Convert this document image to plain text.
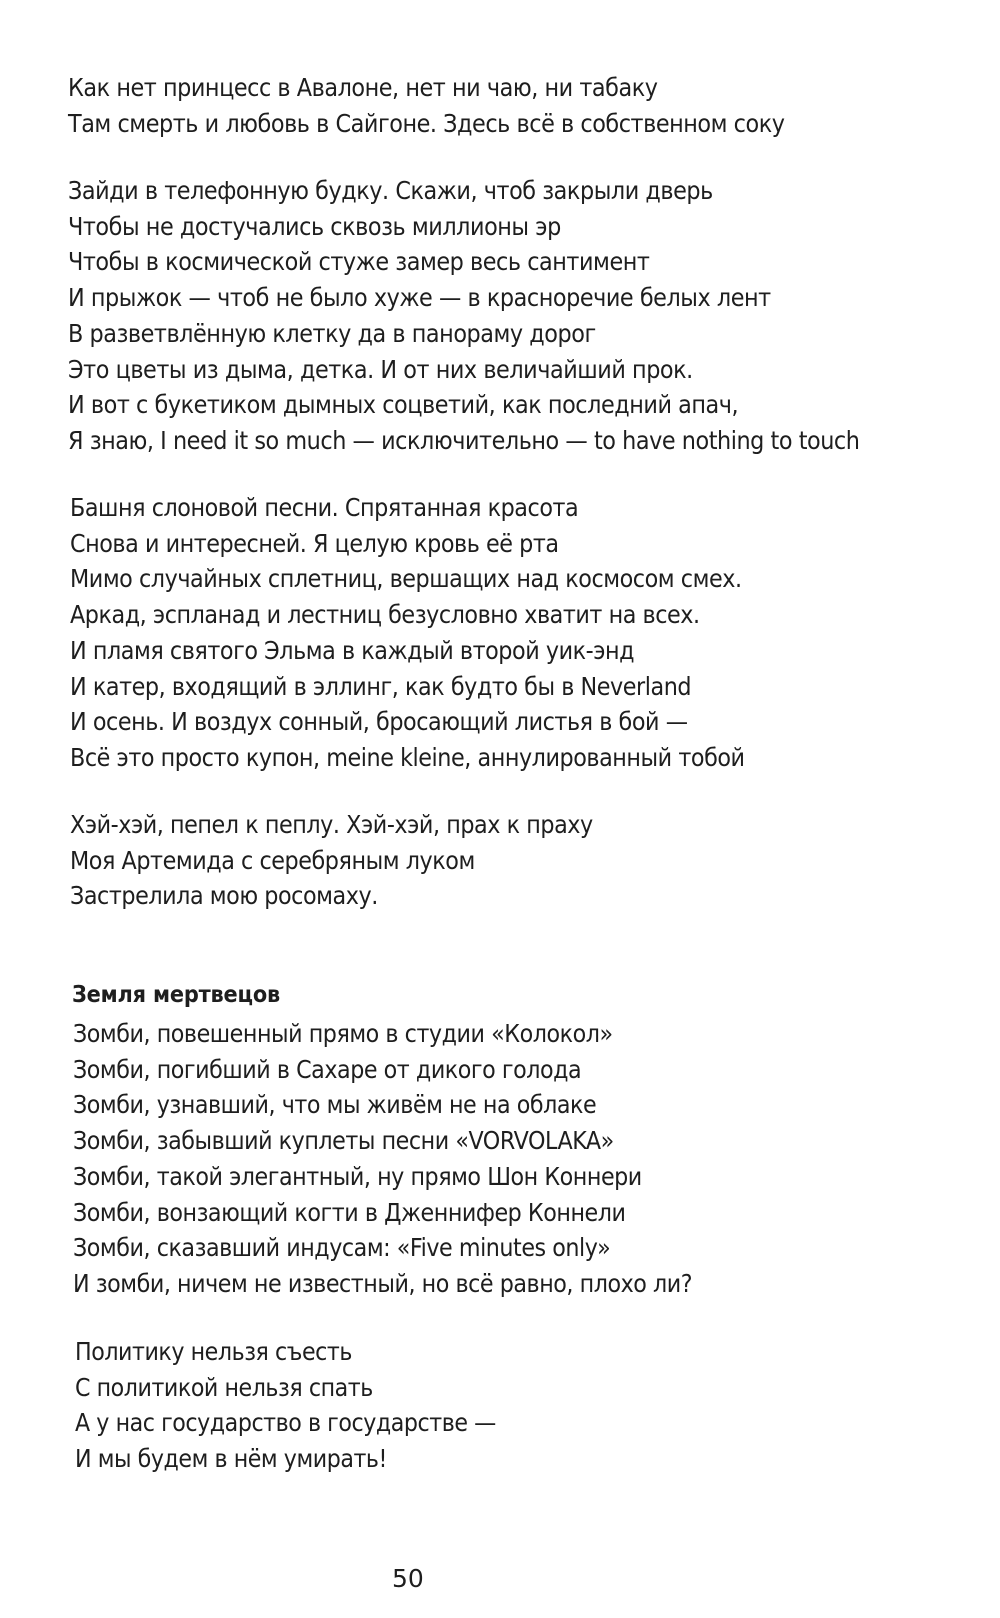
Как нет принцесс в Авалоне, нет ни чаю, ни табаку
Там смерть и любовь в Сайгоне. Здесь всё в собственном соку
Зайди в телефонную будку. Скажи, чтоб закрыли дверь
Чтобы не достучались сквозь миллионы эр
Чтобы в космической стуже замер весь сантимент
И прыжок — чтоб не было хуже — в красноречие белых лент
В разветвлённую клетку да в панораму дорог
Это цветы из дыма, детка. И от них величайший прок.
И вот с букетиком дымных соцветий, как последний апач,
Я знаю, I need it so much — исключительно — to have nothing to touch
Башня слоновой песни. Спрятанная красота
Снова и интересней. Я целую кровь её рта
Мимо случайных сплетниц, вершащих над космосом смех.
Аркад, эспланад и лестниц безусловно хватит на всех.
И пламя святого Эльма в каждый второй уик-энд
И катер, входящий в эллинг, как будто бы в Neverland
И осень. И воздух сонный, бросающий листья в бой —
Всё это просто купон, meine kleine, аннулированный тобой
Хэй-хэй, пепел к пеплу. Хэй-хэй, прах к праху
Моя Артемида с серебряным луком
Застрелила мою росомаху.
Земля мертвецов
Зомби, повешенный прямо в студии «Колокол»
Зомби, погибший в Сахаре от дикого голода
Зомби, узнавший, что мы живём не на облаке
Зомби, забывший куплеты песни «VORVOLAKA»
Зомби, такой элегантный, ну прямо Шон Коннери
Зомби, вонзающий когти в Дженнифер Коннели
Зомби, сказавший индусам: «Five minutes only»
И зомби, ничем не известный, но всё равно, плохо ли?
Политику нельзя съесть
С политикой нельзя спать
А у нас государство в государстве —
И мы будем в нём умирать!
50
